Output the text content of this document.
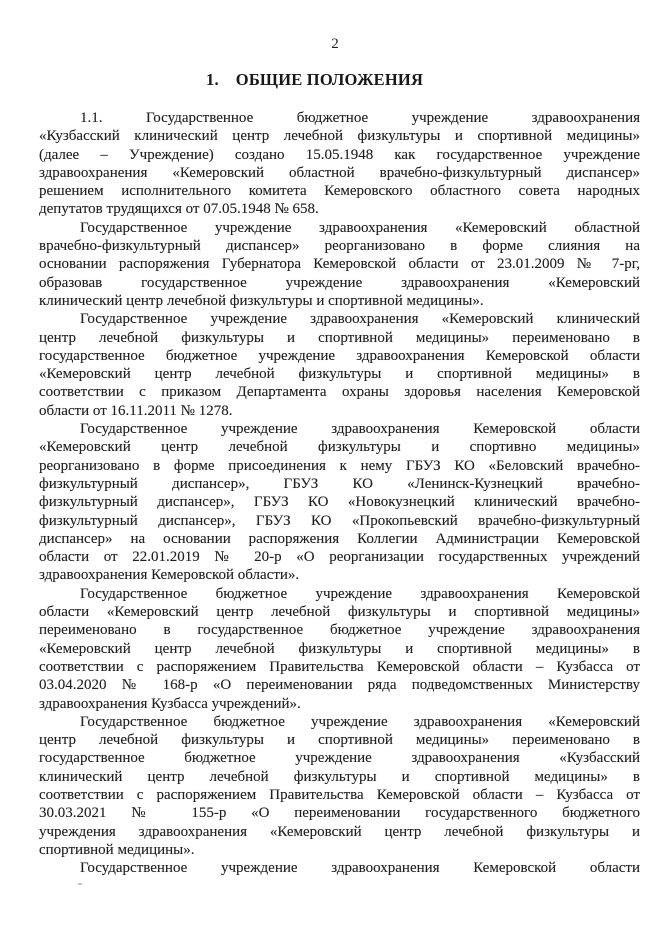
2
1. ОБЩИЕ ПОЛОЖЕНИЯ
1.1. Государственное бюджетное учреждение здравоохранения
«Кузбасский клинический центр лечебной физкультуры и спортивной медицины»
(далее – Учреждение) создано 15.05.1948 как государственное учреждение
здравоохранения «Кемеровский областной врачебно-физкультурный диспансер»
решением исполнительного комитета Кемеровского областного совета народных
депутатов трудящихся от 07.05.1948 № 658.
Государственное учреждение здравоохранения «Кемеровский областной
врачебно-физкультурный диспансер» реорганизовано в форме слияния на
основании распоряжения Губернатора Кемеровской области от 23.01.2009 № 7-рг,
образовав государственное учреждение здравоохранения «Кемеровский
клинический центр лечебной физкультуры и спортивной медицины».
Государственное учреждение здравоохранения «Кемеровский клинический
центр лечебной физкультуры и спортивной медицины» переименовано в
государственное бюджетное учреждение здравоохранения Кемеровской области
«Кемеровский центр лечебной физкультуры и спортивной медицины» в
соответствии с приказом Департамента охраны здоровья населения Кемеровской
области от 16.11.2011 № 1278.
Государственное учреждение здравоохранения Кемеровской области
«Кемеровский центр лечебной физкультуры и спортивно медицины»
реорганизовано в форме присоединения к нему ГБУЗ КО «Беловский врачебно-
физкультурный диспансер», ГБУЗ КО «Ленинск-Кузнецкий врачебно-
физкультурный диспансер», ГБУЗ КО «Новокузнецкий клинический врачебно-
физкультурный диспансер», ГБУЗ КО «Прокопьевский врачебно-физкультурный
диспансер» на основании распоряжения Коллегии Администрации Кемеровской
области от 22.01.2019 № 20-р «О реорганизации государственных учреждений
здравоохранения Кемеровской области».
Государственное бюджетное учреждение здравоохранения Кемеровской
области «Кемеровский центр лечебной физкультуры и спортивной медицины»
переименовано в государственное бюджетное учреждение здравоохранения
«Кемеровский центр лечебной физкультуры и спортивной медицины» в
соответствии с распоряжением Правительства Кемеровской области – Кузбасса от
03.04.2020 № 168-р «О переименовании ряда подведомственных Министерству
здравоохранения Кузбасса учреждений».
Государственное бюджетное учреждение здравоохранения «Кемеровский
центр лечебной физкультуры и спортивной медицины» переименовано в
государственное бюджетное учреждение здравоохранения «Кузбасский
клинический центр лечебной физкультуры и спортивной медицины» в
соответствии с распоряжением Правительства Кемеровской области – Кузбасса от
30.03.2021 № 155-р «О переименовании государственного бюджетного
учреждения здравоохранения «Кемеровский центр лечебной физкультуры и
спортивной медицины».
Государственное учреждение здравоохранения Кемеровской области
